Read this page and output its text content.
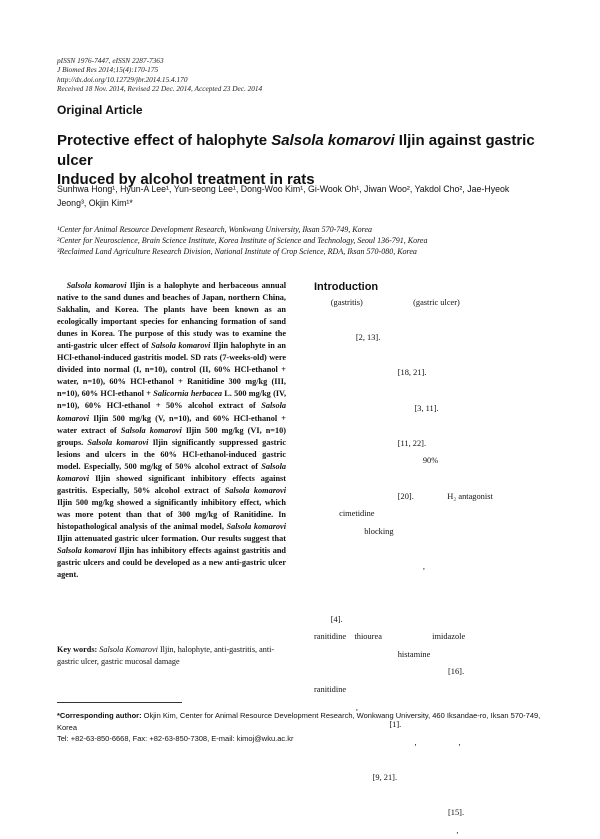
pISSN 1976-7447, eISSN 2287-7363
J Biomed Res 2014;15(4):170-175
http://dx.doi.org/10.12729/jbr.2014.15.4.170
Received 18 Nov. 2014, Revised 22 Dec. 2014, Accepted 23 Dec. 2014
Original Article
Protective effect of halophyte Salsola komarovi Iljin against gastric ulcer
Induced by alcohol treatment in rats
Sunhwa Hong¹, Hyun-A Lee¹, Yun-seong Lee¹, Dong-Woo Kim¹, Gi-Wook Oh¹, Jiwan Woo², Yakdol Cho², Jae-Hyeok
Jeong³, Okjin Kim¹*
¹Center for Animal Resource Development Research, Wonkwang University, Iksan 570-749, Korea
²Center for Neuroscience, Brain Science Institute, Korea Institute of Science and Technology, Seoul 136-791, Korea
³Reclaimed Land Agriculture Research Division, National Institute of Crop Science, RDA, Iksan 570-080, Korea
Salsola komarovi Iljin is a halophyte and herbaceous annual native to the sand dunes and beaches of Japan, northern China, Sakhalin, and Korea. The plants have been known as an ecologically important species for enhancing formation of sand dunes in Korea. The purpose of this study was to examine the anti-gastric ulcer effect of Salsola komarovi Iljin halophyte in an HCl-ethanol-induced gastritis model. SD rats (7-weeks-old) were divided into normal (I, n=10), control (II, 60% HCl-ethanol + water, n=10), 60% HCl-ethanol + Ranitidine 300 mg/kg (III, n=10), 60% HCl-ethanol + Salicornia herbacea L. 500 mg/kg (IV, n=10), 60% HCl-ethanol + 50% alcohol extract of Salsola komarovi Iljin 500 mg/kg (V, n=10), and 60% HCl-ethanol + water extract of Salsola komarovi Iljin 500 mg/kg (VI, n=10) groups. Salsola komarovi Iljin significantly suppressed gastric lesions and ulcers in the 60% HCl-ethanol-induced gastric model. Especially, 500 mg/kg of 50% alcohol extract of Salsola komarovi Iljin showed significant inhibitory effects against gastritis. Especially, 50% alcohol extract of Salsola komarovi Iljin 500 mg/kg showed a significantly inhibitory effect, which was more potent than that of 300 mg/kg of Ranitidine. In histopathological analysis of the animal model, Salsola komarovi Iljin attenuated gastric ulcer formation. Our results suggest that Salsola komarovi Iljin has inhibitory effects against gastritis and gastric ulcers and could be developed as a new anti-gastric ulcer agent.
Key words: Salsola Komarovi Iljin, halophyte, anti-gastritis, anti-gastric ulcer, gastric mucosal damage
Introduction
　　(gastritis)　　　　　　(gastric ulcer)

　　　　　[2, 13].　　　　　　　　　　　

　　　　　　　　　　[18, 21].　　　　　

　　　　　　　　　　　　[3, 11].　　　　

　　　　　　　　　　[11, 22].　　　　　
　　　　　　　　　　　　　90%　　　　　

　　　　　　　　　　[20].　　　　H₂ antagonist
　　　cimetidine　　　　　　　　　　　
　　　　　　blocking　　　　　　　　　

　　　　　　　　　　　　　,　　　　　　

　　[4].　　　　　　　　　　　　　　　
ranitidine　thiourea　　　　　　imidazole
　　　　　　　　　　histamine　　　　　
　　　　　　　　　　　　　　　　[16].
ranitidine　　　　　　　　　　　　　　
　　　　　,　　　　　　　　　　　　　
　　　　　　　　　[1].
　　　　　　　　　　　　,　　　　　,

　　　　　　　[9, 21].　　　　　　　　

　　　　　　　　　　　　　　　　[15].
　　　　　　　　　　　　　　　　　,
*Corresponding author: Okjin Kim, Center for Animal Resource Development Research, Wonkwang University, 460 Iksandae-ro, Iksan 570-749, Korea
Tel: +82-63-850-6668, Fax: +82-63-850-7308, E-mail: kimoj@wku.ac.kr
